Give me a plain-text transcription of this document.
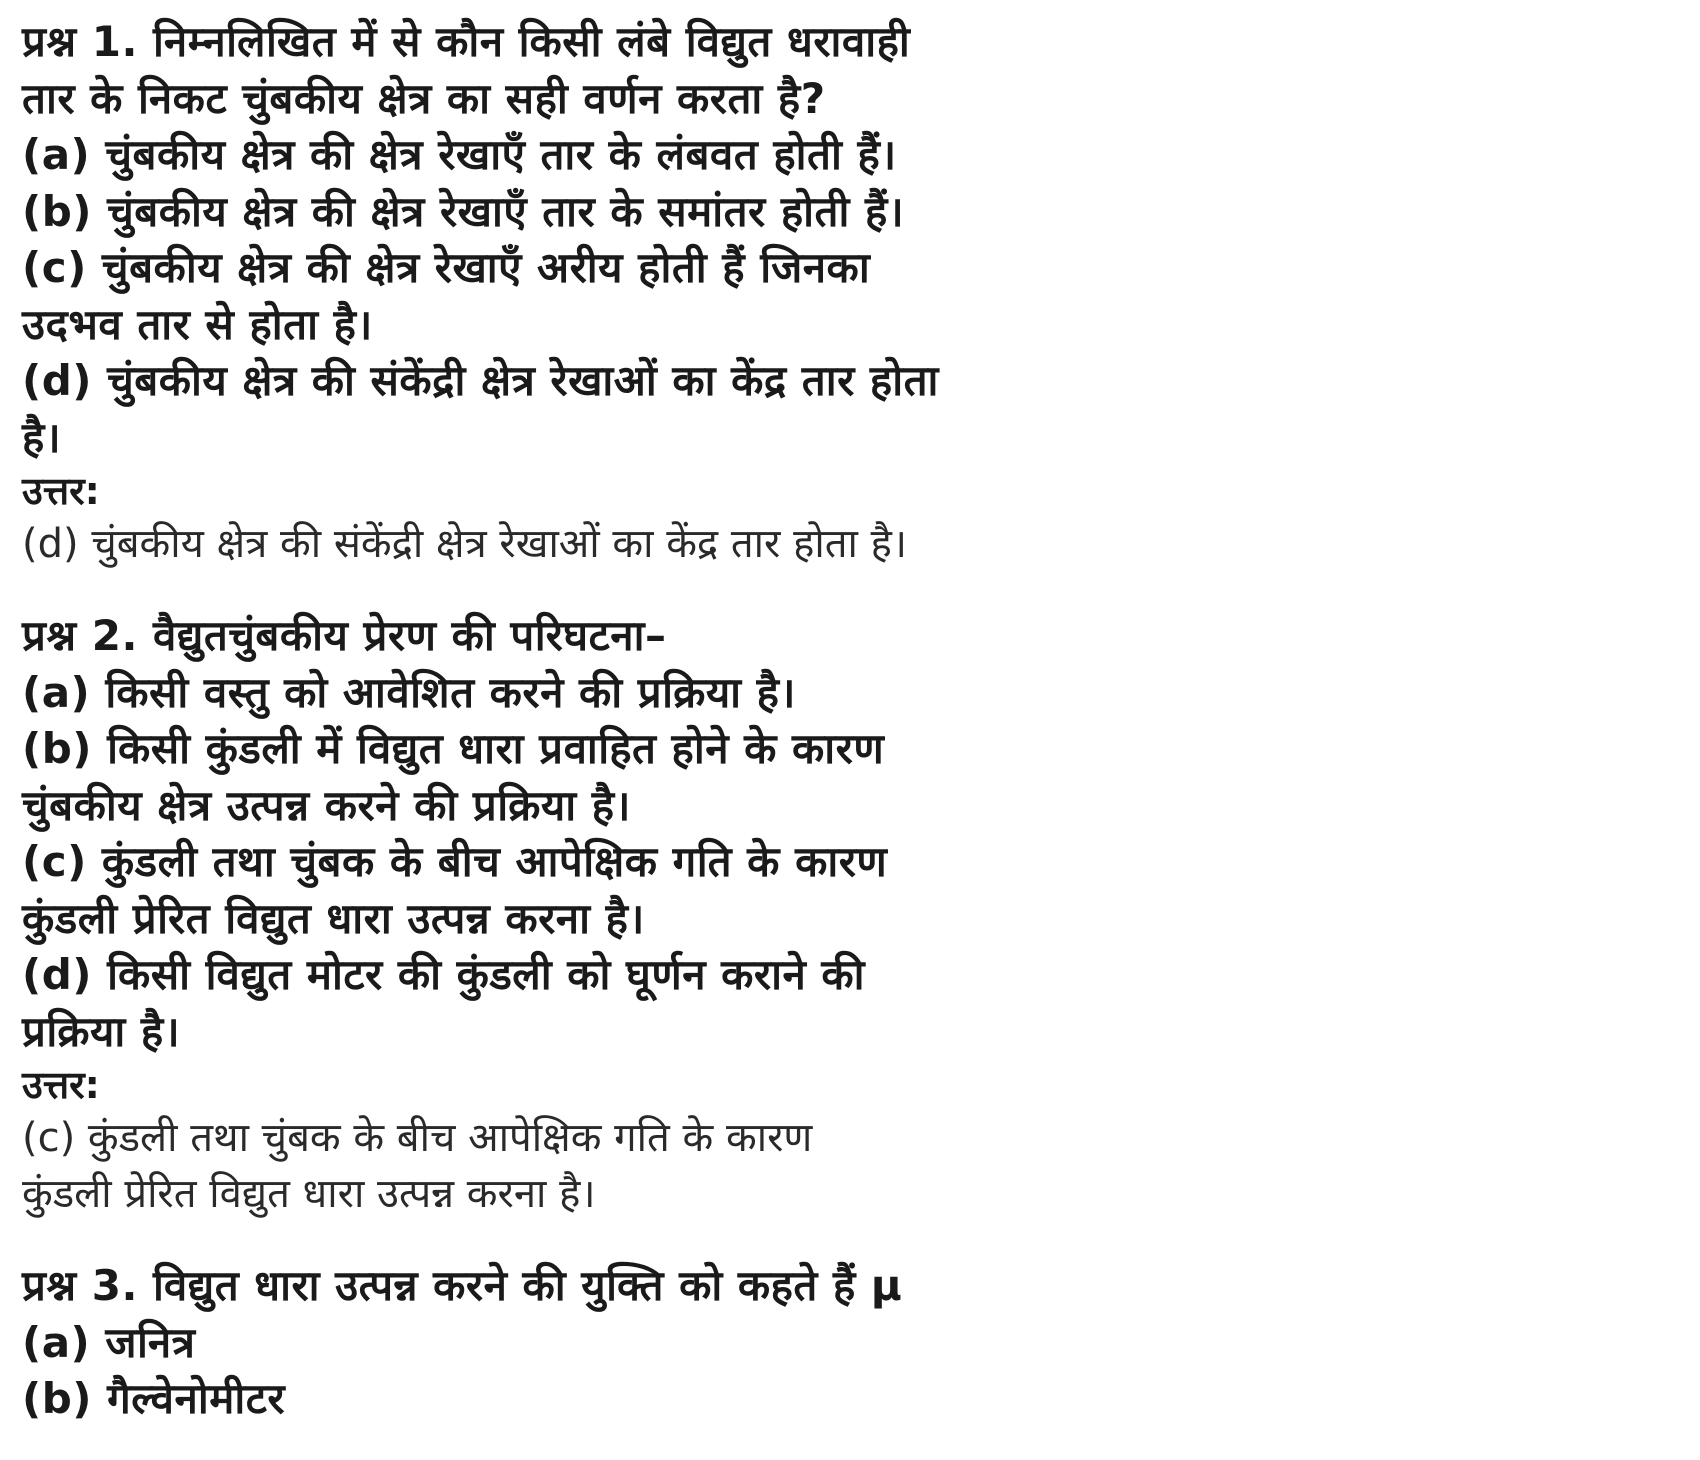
प्रश्न 1. निम्नलिखित में से कौन किसी लंबे विद्युत धरावाही
तार के निकट चुंबकीय क्षेत्र का सही वर्णन करता है?
(a) चुंबकीय क्षेत्र की क्षेत्र रेखाएँ तार के लंबवत होती हैं।
(b) चुंबकीय क्षेत्र की क्षेत्र रेखाएँ तार के समांतर होती हैं।
(c) चुंबकीय क्षेत्र की क्षेत्र रेखाएँ अरीय होती हैं जिनका
उदभव तार से होता है।
(d) चुंबकीय क्षेत्र की संकेंद्री क्षेत्र रेखाओं का केंद्र तार होता
है।
उत्तर:
(d) चुंबकीय क्षेत्र की संकेंद्री क्षेत्र रेखाओं का केंद्र तार होता है।
प्रश्न 2. वैद्युतचुंबकीय प्रेरण की परिघटना–
(a) किसी वस्तु को आवेशित करने की प्रक्रिया है।
(b) किसी कुंडली में विद्युत धारा प्रवाहित होने के कारण
चुंबकीय क्षेत्र उत्पन्न करने की प्रक्रिया है।
(c) कुंडली तथा चुंबक के बीच आपेक्षिक गति के कारण
कुंडली प्रेरित विद्युत धारा उत्पन्न करना है।
(d) किसी विद्युत मोटर की कुंडली को घूर्णन कराने की
प्रक्रिया है।
उत्तर:
(c) कुंडली तथा चुंबक के बीच आपेक्षिक गति के कारण
कुंडली प्रेरित विद्युत धारा उत्पन्न करना है।
प्रश्न 3. विद्युत धारा उत्पन्न करने की युक्ति को कहते हैं µ
(a) जनित्र
(b) गैल्वेनोमीटर
